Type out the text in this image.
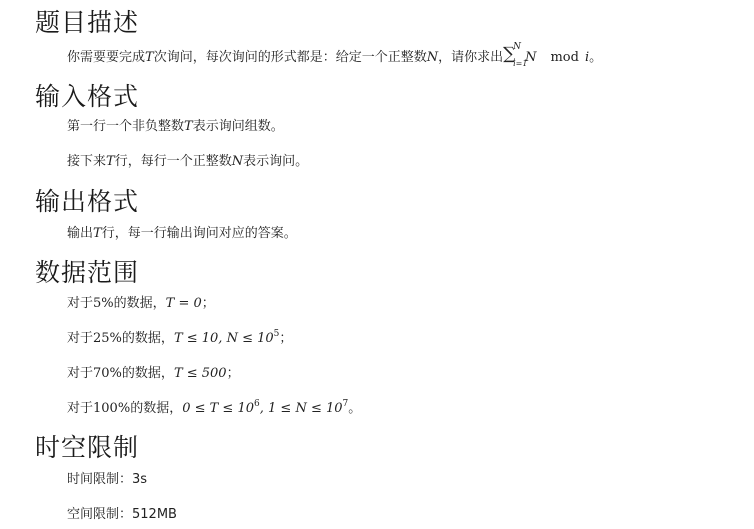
题目描述

你需要要完成T次询问，每次询问的形式都是：给定一个正整数N，请你求出 ∑
N
i=1
N mod i。

输入格式

第一行一个非负整数T表示询问组数。

接下来T行，每行一个正整数N表示询问。

输出格式

输出T行，每一行输出询问对应的答案。

数据范围

对于5%的数据，T = 0；

对于25%的数据，T ≤ 10, $N \le 10^5$；

对于70%的数据，T ≤ 500；

对于100%的数据，$0 \le T \le 10^6$, $1 \le N \le 10^7$。

时空限制

时间限制：3s

空间限制：512MB
